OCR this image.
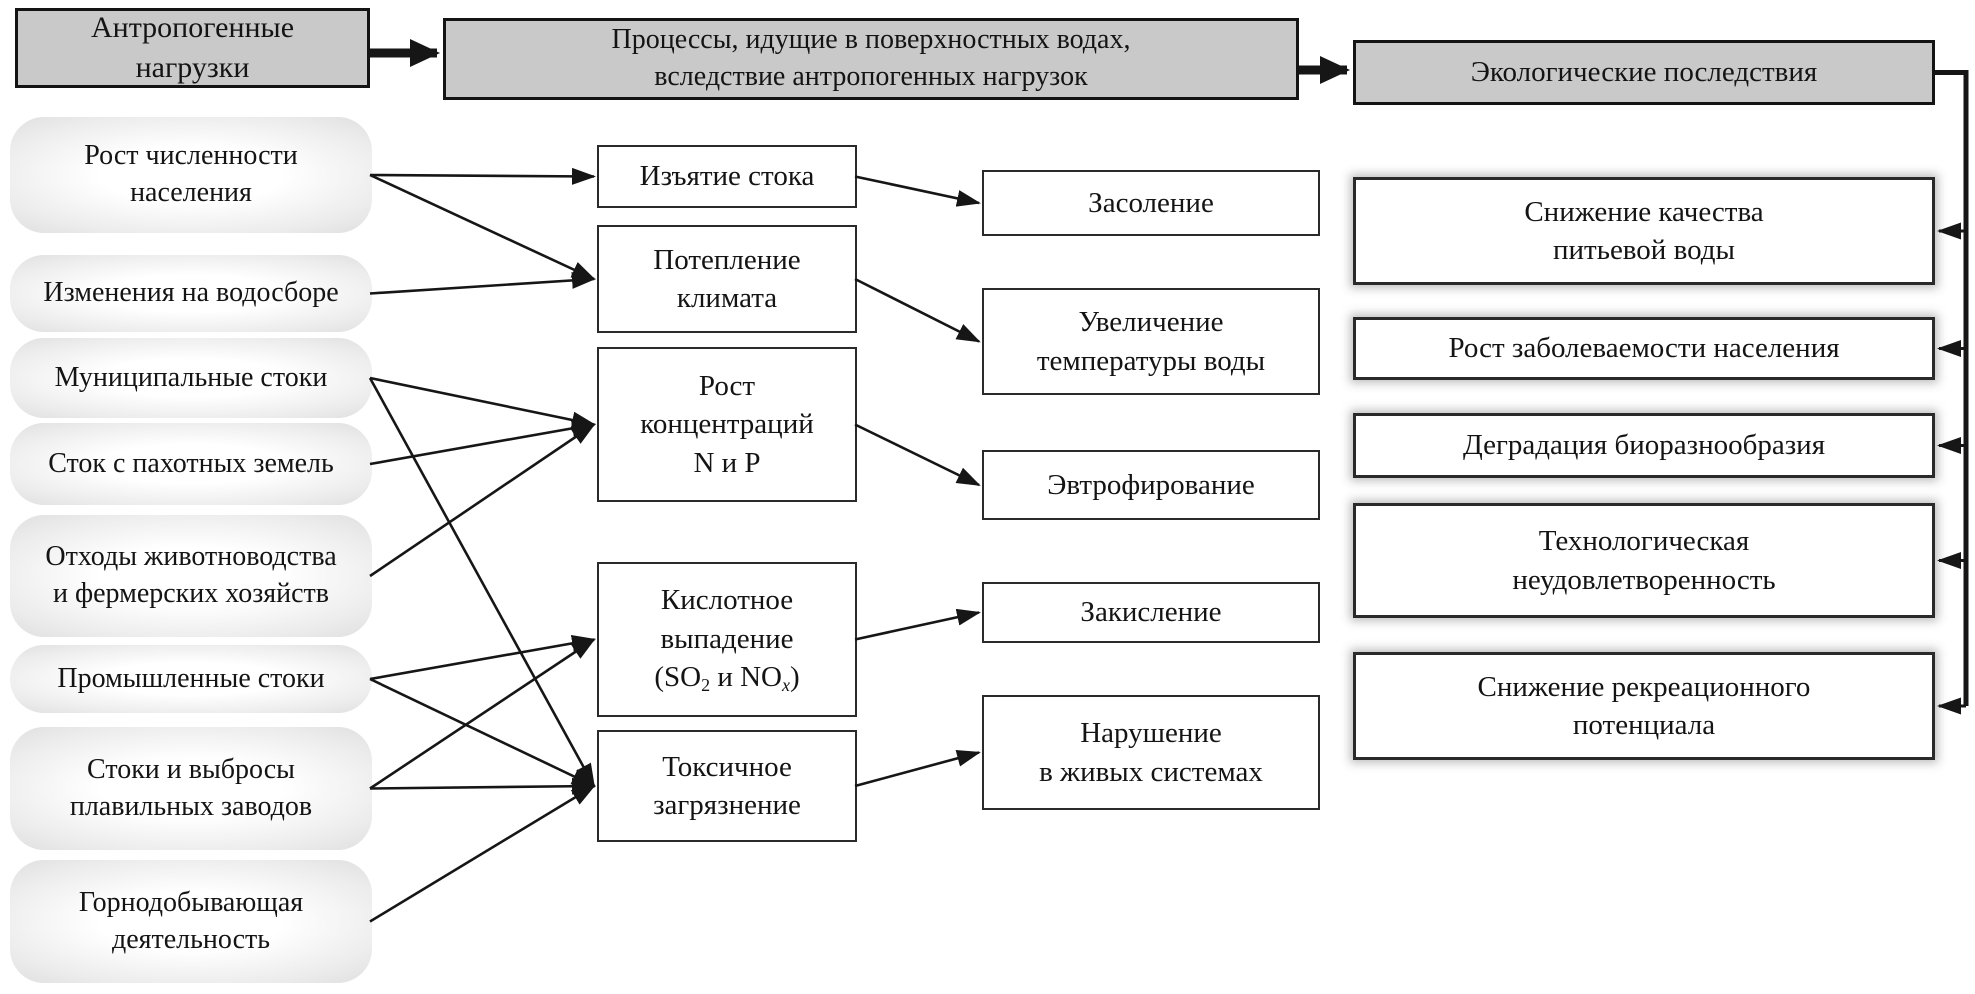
Антропогенные
нагрузки
Процессы, идущие в поверхностных водах,
вследствие антропогенных нагрузок	Экологические последствия
Рост численности
населения
Изменения на водосборе
Муниципальные стоки
Сток с пахотных земель
Отходы животноводства
и фермерских хозяйств
Промышленные стоки
Стоки и выбросы
плавильных заводов
Горнодобывающая
деятельность
Изъятие стока
Потепление
климата
Рост
концентраций
N и P
Кислотное
выпадение
($SO_2$ и $NO_x$)
Токсичное
загрязнение
Засоление
Увеличение
температуры воды
Эвтрофирование
Закисление
Нарушение
в живых системах
Снижение качества
питьевой воды
Рост заболеваемости населения
Деградация биоразнообразия
Технологическая
неудовлетворенность
Снижение рекреационного
потенциала
